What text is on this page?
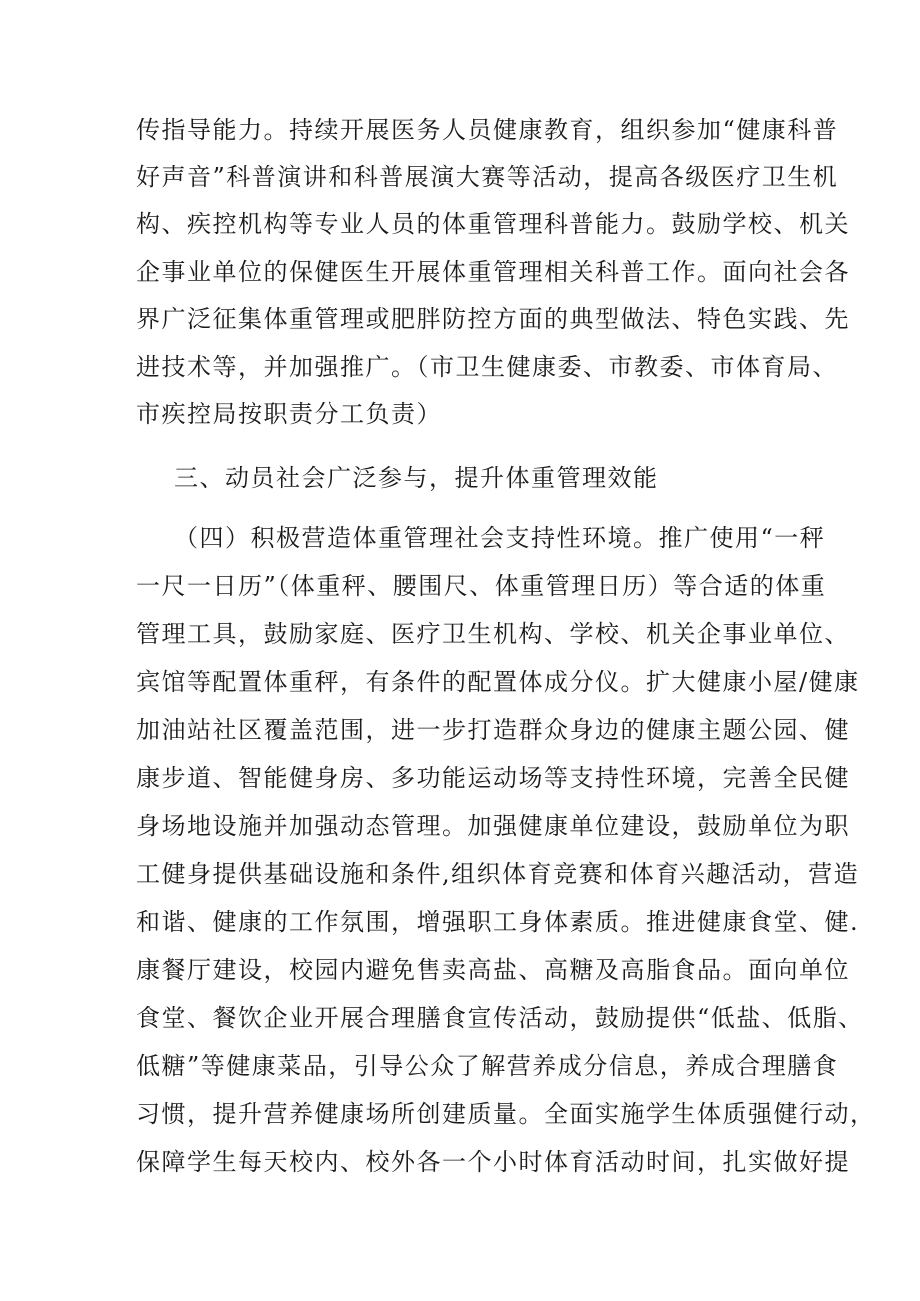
传指导能力。持续开展医务人员健康教育，组织参加“健康科普
好声音”科普演讲和科普展演大赛等活动，提高各级医疗卫生机
构、疾控机构等专业人员的体重管理科普能力。鼓励学校、机关
企事业单位的保健医生开展体重管理相关科普工作。面向社会各
界广泛征集体重管理或肥胖防控方面的典型做法、特色实践、先
进技术等，并加强推广。（市卫生健康委、市教委、市体育局、
市疾控局按职责分工负责）
三、动员社会广泛参与，提升体重管理效能
（四）积极营造体重管理社会支持性环境。推广使用“一秤
一尺一日历”（体重秤、腰围尺、体重管理日历）等合适的体重
管理工具，鼓励家庭、医疗卫生机构、学校、机关企事业单位、
宾馆等配置体重秤，有条件的配置体成分仪。扩大健康小屋/健康
加油站社区覆盖范围，进一步打造群众身边的健康主题公园、健
康步道、智能健身房、多功能运动场等支持性环境，完善全民健
身场地设施并加强动态管理。加强健康单位建设，鼓励单位为职
工健身提供基础设施和条件,组织体育竞赛和体育兴趣活动，营造
和谐、健康的工作氛围，增强职工身体素质。推进健康食堂、健.
康餐厅建设，校园内避免售卖高盐、高糖及高脂食品。面向单位
食堂、餐饮企业开展合理膳食宣传活动，鼓励提供“低盐、低脂、
低糖”等健康菜品，引导公众了解营养成分信息，养成合理膳食
习惯，提升营养健康场所创建质量。全面实施学生体质强健行动，
保障学生每天校内、校外各一个小时体育活动时间，扎实做好提
